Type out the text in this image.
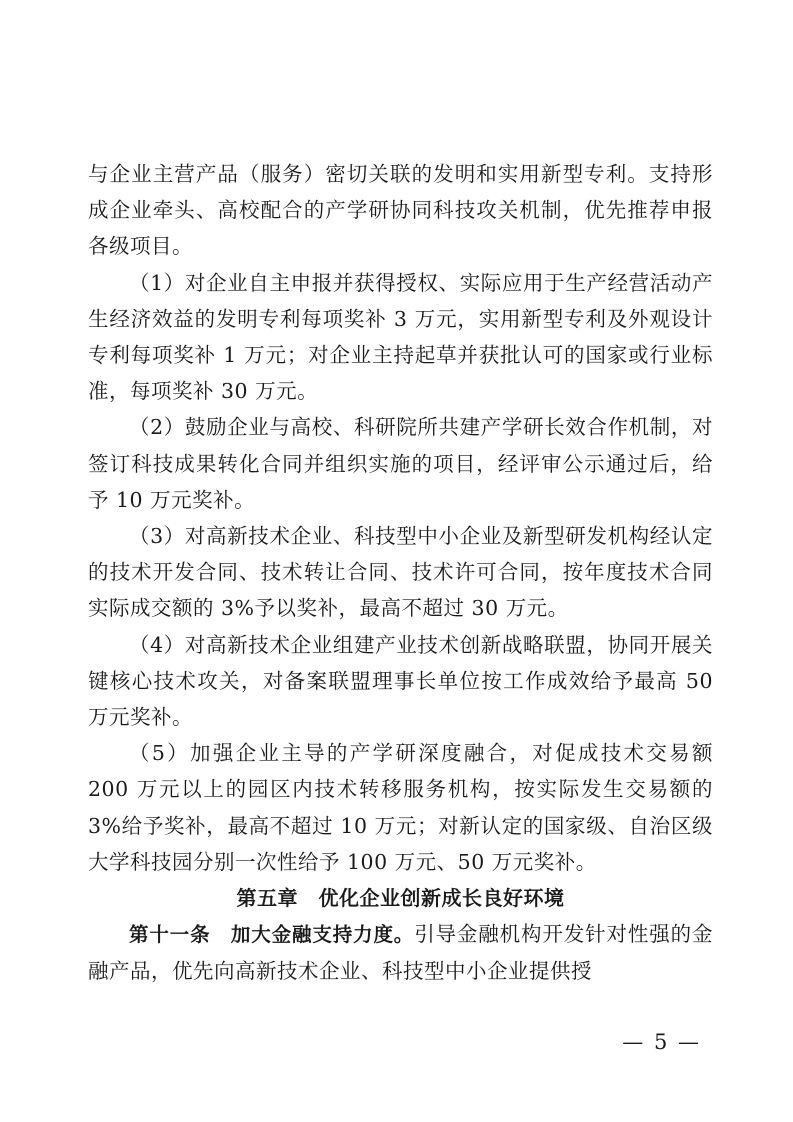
与企业主营产品（服务）密切关联的发明和实用新型专利。支持形成企业牵头、高校配合的产学研协同科技攻关机制，优先推荐申报各级项目。

（1）对企业自主申报并获得授权、实际应用于生产经营活动产生经济效益的发明专利每项奖补 3 万元，实用新型专利及外观设计专利每项奖补 1 万元；对企业主持起草并获批认可的国家或行业标准，每项奖补 30 万元。

（2）鼓励企业与高校、科研院所共建产学研长效合作机制，对签订科技成果转化合同并组织实施的项目，经评审公示通过后，给予 10 万元奖补。

（3）对高新技术企业、科技型中小企业及新型研发机构经认定的技术开发合同、技术转让合同、技术许可合同，按年度技术合同实际成交额的 3%予以奖补，最高不超过 30 万元。

（4）对高新技术企业组建产业技术创新战略联盟，协同开展关键核心技术攻关，对备案联盟理事长单位按工作成效给予最高 50 万元奖补。

（5）加强企业主导的产学研深度融合，对促成技术交易额 200 万元以上的园区内技术转移服务机构，按实际发生交易额的 3%给予奖补，最高不超过 10 万元；对新认定的国家级、自治区级大学科技园分别一次性给予 100 万元、50 万元奖补。

第五章　优化企业创新成长良好环境

第十一条　加大金融支持力度。引导金融机构开发针对性强的金融产品，优先向高新技术企业、科技型中小企业提供授

— 5 —
